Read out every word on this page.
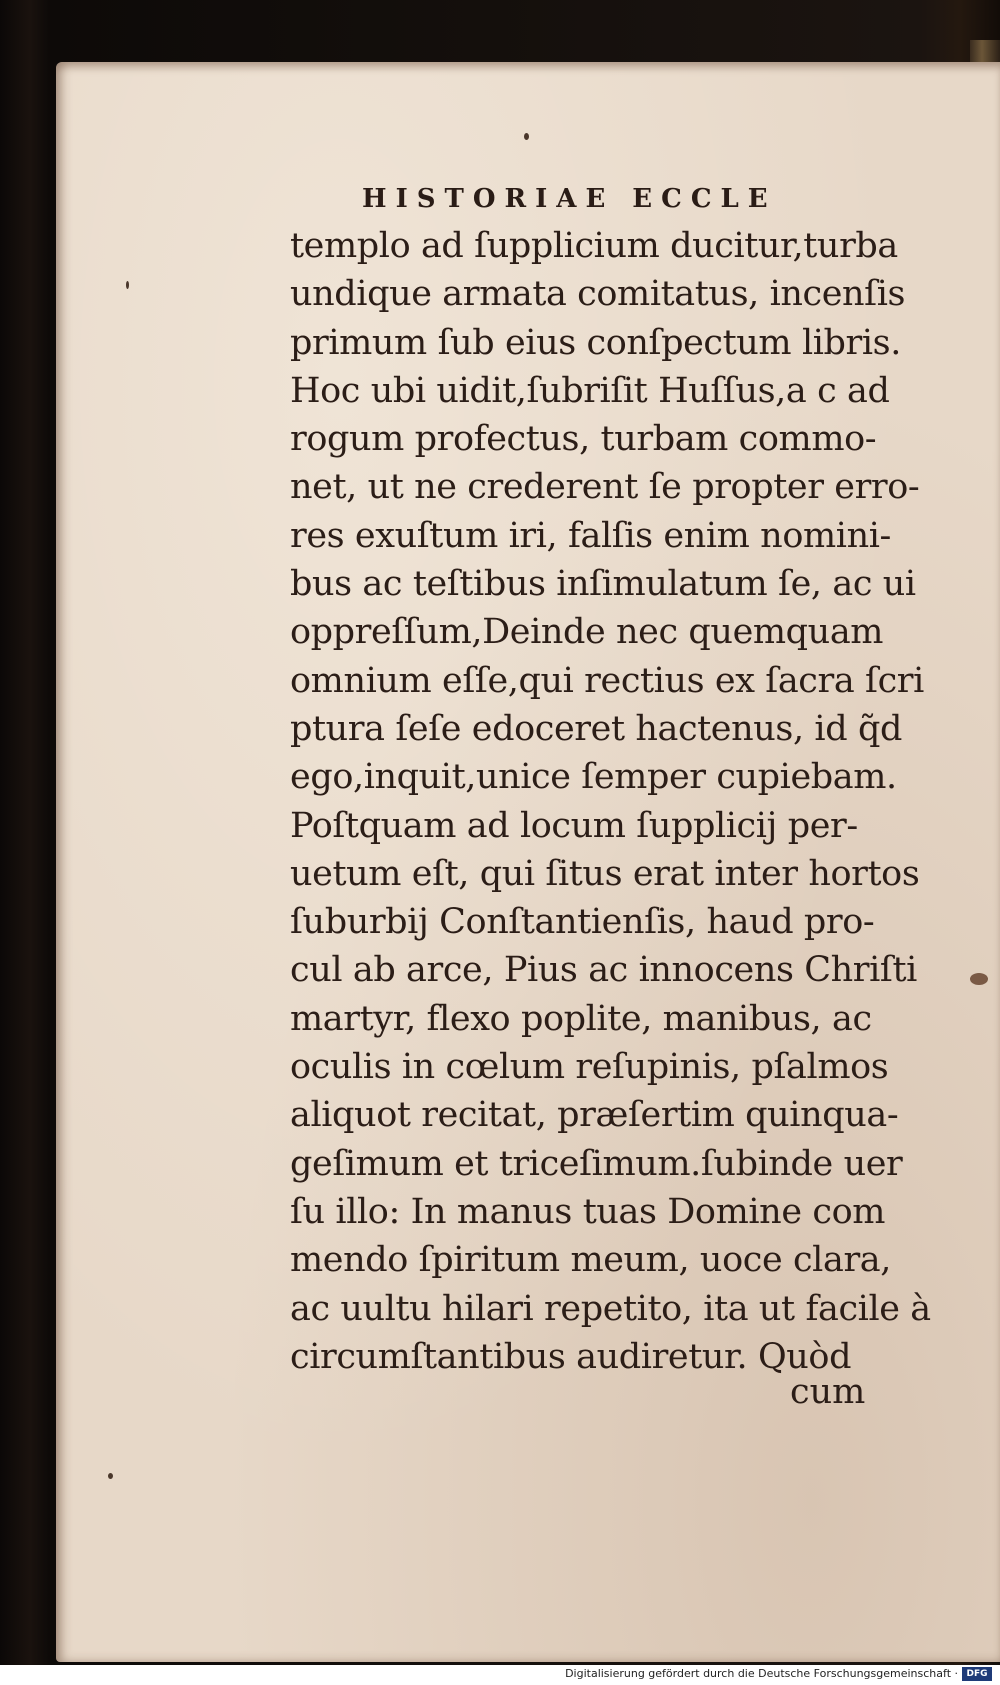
HISTORIAE ECCLE
templo ad ſupplicium ducitur,turba
undique armata comitatus, incenſis
primum ſub eius conſpectum libris.
Hoc ubi uidit,ſubriſit Huſſus,a c ad
rogum profectus, turbam commo-
net, ut ne crederent ſe propter erro-
res exuſtum iri, falſis enim nomini-
bus ac teſtibus inſimulatum ſe, ac ui
oppreſſum,Deinde nec quemquam
omnium eſſe,qui rectius ex ſacra ſcri
ptura ſeſe edoceret hactenus, id q̃d
ego,inquit,unice ſemper cupiebam.
Poſtquam ad locum ſupplicij per-
uetum eſt, qui ſitus erat inter hortos
ſuburbij Conſtantienſis, haud pro-
cul ab arce, Pius ac innocens Chriſti
martyr, flexo poplite, manibus, ac
oculis in cœlum reſupinis, pſalmos
aliquot recitat, præſertim quinqua-
geſimum et triceſimum.ſubinde uer
ſu illo: In manus tuas Domine com
mendo ſpiritum meum, uoce clara,
ac uultu hilari repetito, ita ut facile à
circumſtantibus audiretur. Quòd
cum
Digitalisierung gefördert durch die Deutsche Forschungsgemeinschaft · DFG
